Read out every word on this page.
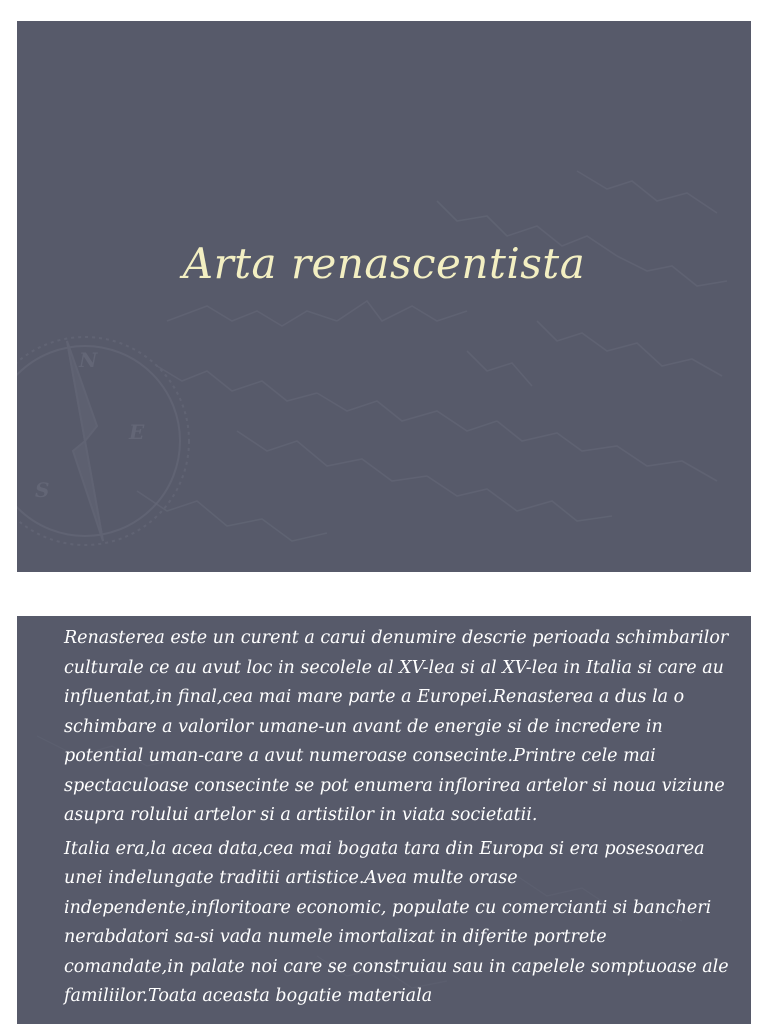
N
E
S
Arta renascentista

Renasterea este un curent a carui denumire descrie perioada schimbarilor culturale ce au avut loc in secolele al XV-lea si al XV-lea in Italia si care au influentat,in final,cea mai mare parte a Europei.Renasterea a dus la o schimbare a valorilor umane-un avant de energie si de incredere in potential uman-care a avut numeroase consecinte.Printre cele mai spectaculoase consecinte se pot enumera inflorirea artelor si noua viziune asupra rolului artelor si a artistilor in viata societatii.

Italia era,la acea data,cea mai bogata tara din Europa si era posesoarea unei indelungate traditii artistice.Avea multe orase independente,infloritoare economic, populate cu comercianti si bancheri nerabdatori sa-si vada numele imortalizat in diferite portrete comandate,in palate noi care se construiau sau in capelele somptuoase ale familiilor.Toata aceasta bogatie materiala
